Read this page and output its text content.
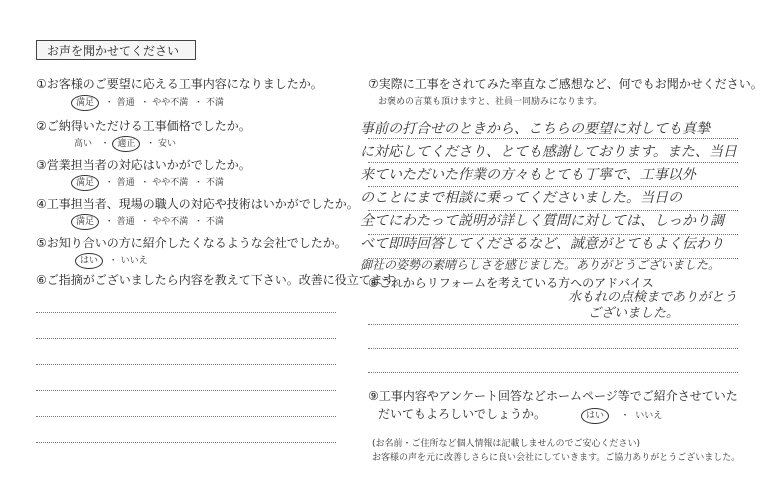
お声を聞かせてください
①お客様のご要望に応える工事内容になりましたか。
満足  ・ 普通  ・ やや不満  ・ 不満
②ご納得いただける工事価格でしたか。
高い   ・  適正  ・ 安い
③営業担当者の対応はいかがでしたか。
満足  ・ 普通  ・ やや不満  ・ 不満
④工事担当者、現場の職人の対応や技術はいかがでしたか。
満足  ・ 普通  ・ やや不満  ・ 不満
⑤お知り合いの方に紹介したくなるような会社でしたか。
はい  ・ いいえ
⑥ご指摘がございましたら内容を教えて下さい。改善に役立てます。
⑦実際に工事をされてみた率直なご感想など、何でもお聞かせください。
お褒めの言葉も頂けますと、社員一同励みになります。
事前の打合せのときから、こちらの要望に対しても真摯
に対応してくださり、とても感謝しております。また、当日
来ていただいた作業の方々もとても丁寧で、工事以外
のことにまで相談に乗ってくださいました。当日の
全てにわたって説明が詳しく質問に対しては、しっかり調
べて即時回答してくださるなど、誠意がとてもよく伝わり
御社の姿勢の素晴らしさを感じました。ありがとうございました。
⑧これからリフォームを考えている方へのアドバイス
水もれの点検までありがとう
ございました。
⑨工事内容やアンケート回答などホームページ等でご紹介させていた
だいてもよろしいでしょうか。	はい    ・  いいえ
(お名前・ご住所など個人情報は記載しませんのでご安心ください)
お客様の声を元に改善しさらに良い会社にしていきます。ご協力ありがとうございました。
